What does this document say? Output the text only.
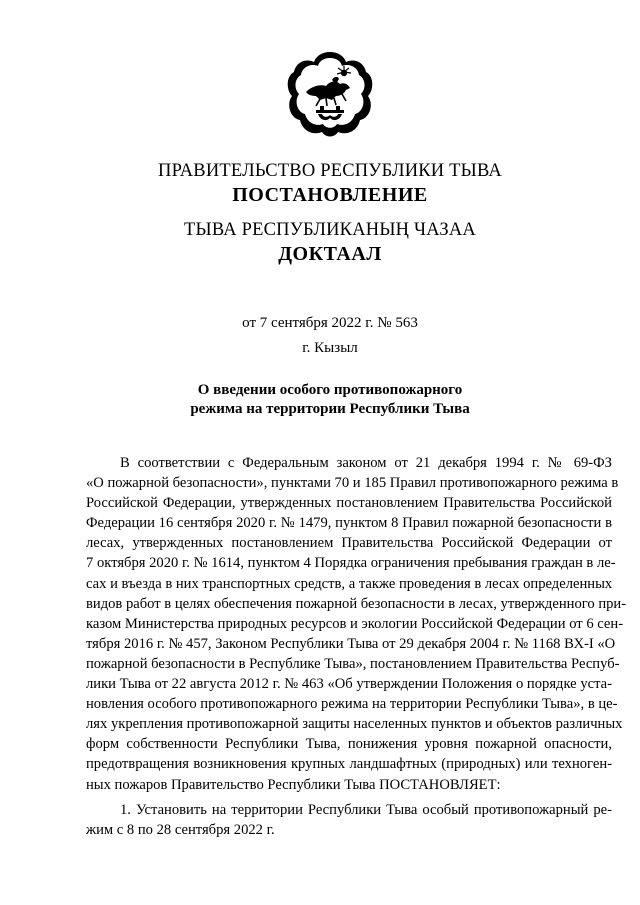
ПРАВИТЕЛЬСТВО РЕСПУБЛИКИ ТЫВА
ПОСТАНОВЛЕНИЕ
ТЫВА РЕСПУБЛИКАНЫҢ ЧАЗАА
ДОКТААЛ
от 7 сентября 2022 г. № 563
г. Кызыл
О введении особого противопожарного
режима на территории Республики Тыва
В соответствии с Федеральным законом от 21 декабря 1994 г. № 69-ФЗ
«О пожарной безопасности», пунктами 70 и 185 Правил противопожарного режима в
Российской Федерации, утвержденных постановлением Правительства Российской
Федерации 16 сентября 2020 г. № 1479, пунктом 8 Правил пожарной безопасности в
лесах, утвержденных постановлением Правительства Российской Федерации от
7 октября 2020 г. № 1614, пунктом 4 Порядка ограничения пребывания граждан в ле-
сах и въезда в них транспортных средств, а также проведения в лесах определенных
видов работ в целях обеспечения пожарной безопасности в лесах, утвержденного при-
казом Министерства природных ресурсов и экологии Российской Федерации от 6 сен-
тября 2016 г. № 457, Законом Республики Тыва от 29 декабря 2004 г. № 1168 ВХ-I «О
пожарной безопасности в Республике Тыва», постановлением Правительства Респуб-
лики Тыва от 22 августа 2012 г. № 463 «Об утверждении Положения о порядке уста-
новления особого противопожарного режима на территории Республики Тыва», в це-
лях укрепления противопожарной защиты населенных пунктов и объектов различных
форм собственности Республики Тыва, понижения уровня пожарной опасности,
предотвращения возникновения крупных ландшафтных (природных) или техноген-
ных пожаров Правительство Республики Тыва ПОСТАНОВЛЯЕТ:
1. Установить на территории Республики Тыва особый противопожарный ре-
жим с 8 по 28 сентября 2022 г.
